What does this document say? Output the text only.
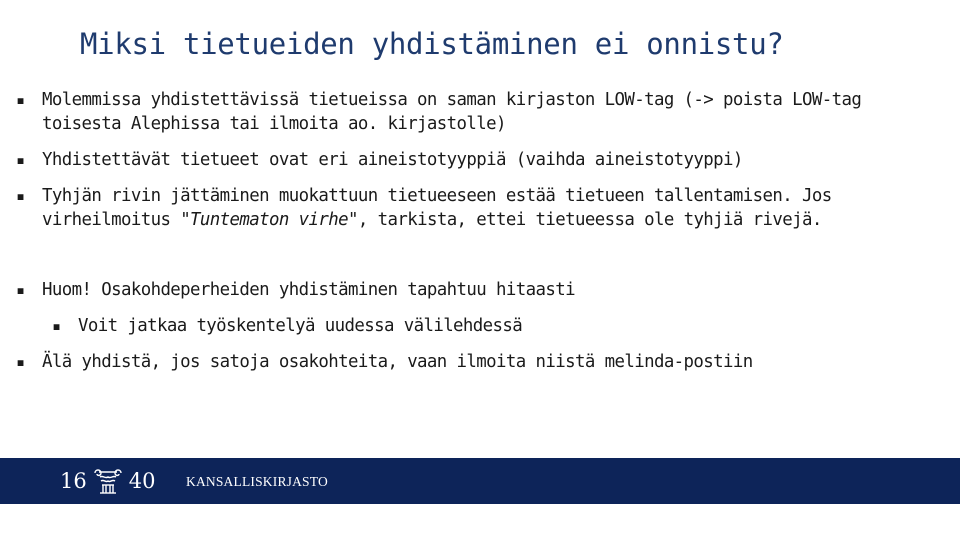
Miksi tietueiden yhdistäminen ei onnistu?
▪ Molemmissa yhdistettävissä tietueissa on saman kirjaston LOW-tag (-> poista LOW-tag toisesta Alephissa tai ilmoita ao. kirjastolle)
▪ Yhdistettävät tietueet ovat eri aineistotyyppiä (vaihda aineistotyyppi)
▪ Tyhjän rivin jättäminen muokattuun tietueeseen estää tietueen tallentamisen. Jos virheilmoitus "Tuntematon virhe", tarkista, ettei tietueessa ole tyhjiä rivejä.
▪ Huom! Osakohdeperheiden yhdistäminen tapahtuu hitaasti
▪ Voit jatkaa työskentelyä uudessa välilehdessä
▪ Älä yhdistä, jos satoja osakohteita, vaan ilmoita niistä melinda-postiin
16 40 KANSALLISKIRJASTO
